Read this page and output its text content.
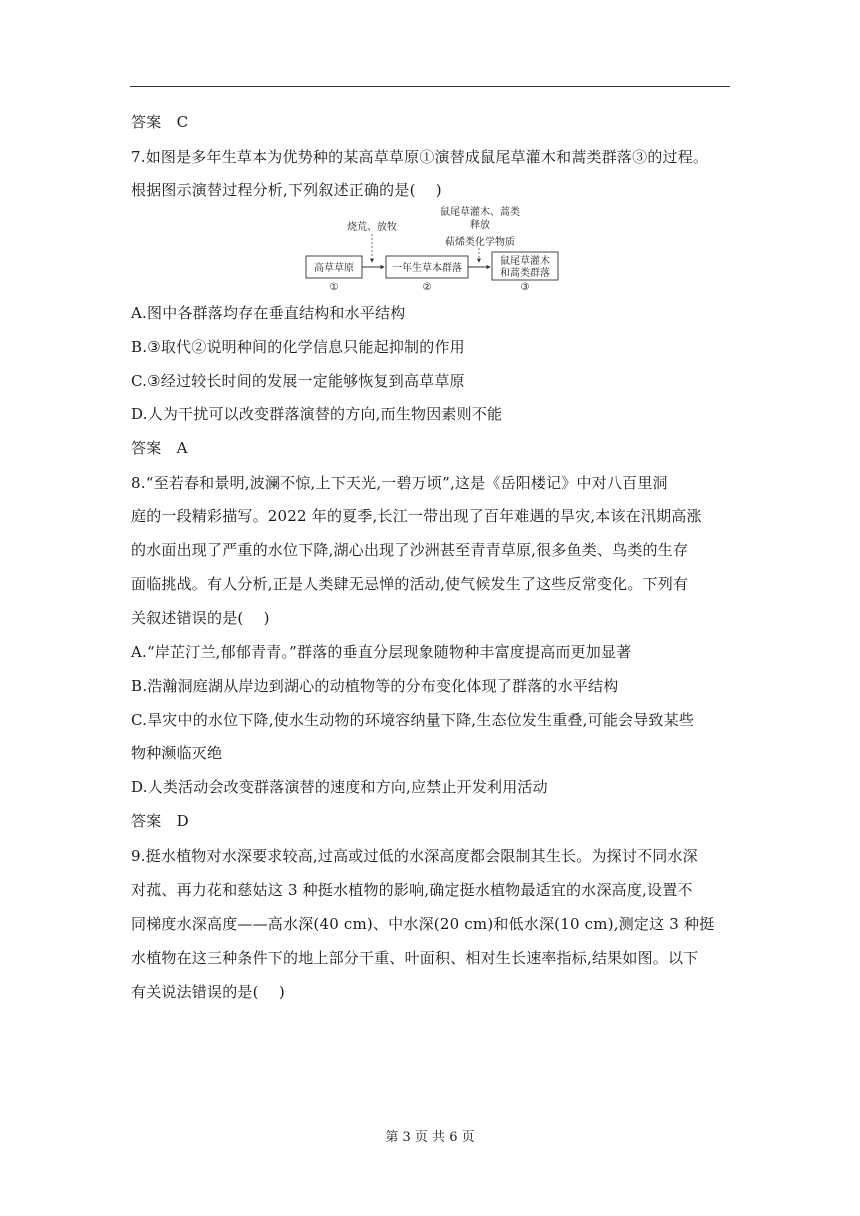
答案　C
7.如图是多年生草本为优势种的某高草草原①演替成鼠尾草灌木和蒿类群落③的过程。
根据图示演替过程分析,下列叙述正确的是(　 )
高草草原
①
烧荒、放牧
一年生草本群落
②
鼠尾草灌木、蒿类
释放
萜烯类化学物质
鼠尾草灌木
和蒿类群落
③
A.图中各群落均存在垂直结构和水平结构
B.③取代②说明种间的化学信息只能起抑制的作用
C.③经过较长时间的发展一定能够恢复到高草草原
D.人为干扰可以改变群落演替的方向,而生物因素则不能
答案　A
8.“至若春和景明,波澜不惊,上下天光,一碧万顷”,这是《岳阳楼记》中对八百里洞
庭的一段精彩描写。2022 年的夏季,长江一带出现了百年难遇的旱灾,本该在汛期高涨
的水面出现了严重的水位下降,湖心出现了沙洲甚至青青草原,很多鱼类、鸟类的生存
面临挑战。有人分析,正是人类肆无忌惮的活动,使气候发生了这些反常变化。下列有
关叙述错误的是(　 )
A.“岸芷汀兰,郁郁青青。”群落的垂直分层现象随物种丰富度提高而更加显著
B.浩瀚洞庭湖从岸边到湖心的动植物等的分布变化体现了群落的水平结构
C.旱灾中的水位下降,使水生动物的环境容纳量下降,生态位发生重叠,可能会导致某些
物种濒临灭绝
D.人类活动会改变群落演替的速度和方向,应禁止开发利用活动
答案　D
9.挺水植物对水深要求较高,过高或过低的水深高度都会限制其生长。为探讨不同水深
对菰、再力花和慈姑这 3 种挺水植物的影响,确定挺水植物最适宜的水深高度,设置不
同梯度水深高度——高水深(40 cm)、中水深(20 cm)和低水深(10 cm),测定这 3 种挺
水植物在这三种条件下的地上部分干重、叶面积、相对生长速率指标,结果如图。以下
有关说法错误的是(　 )
第 3 页 共 6 页
